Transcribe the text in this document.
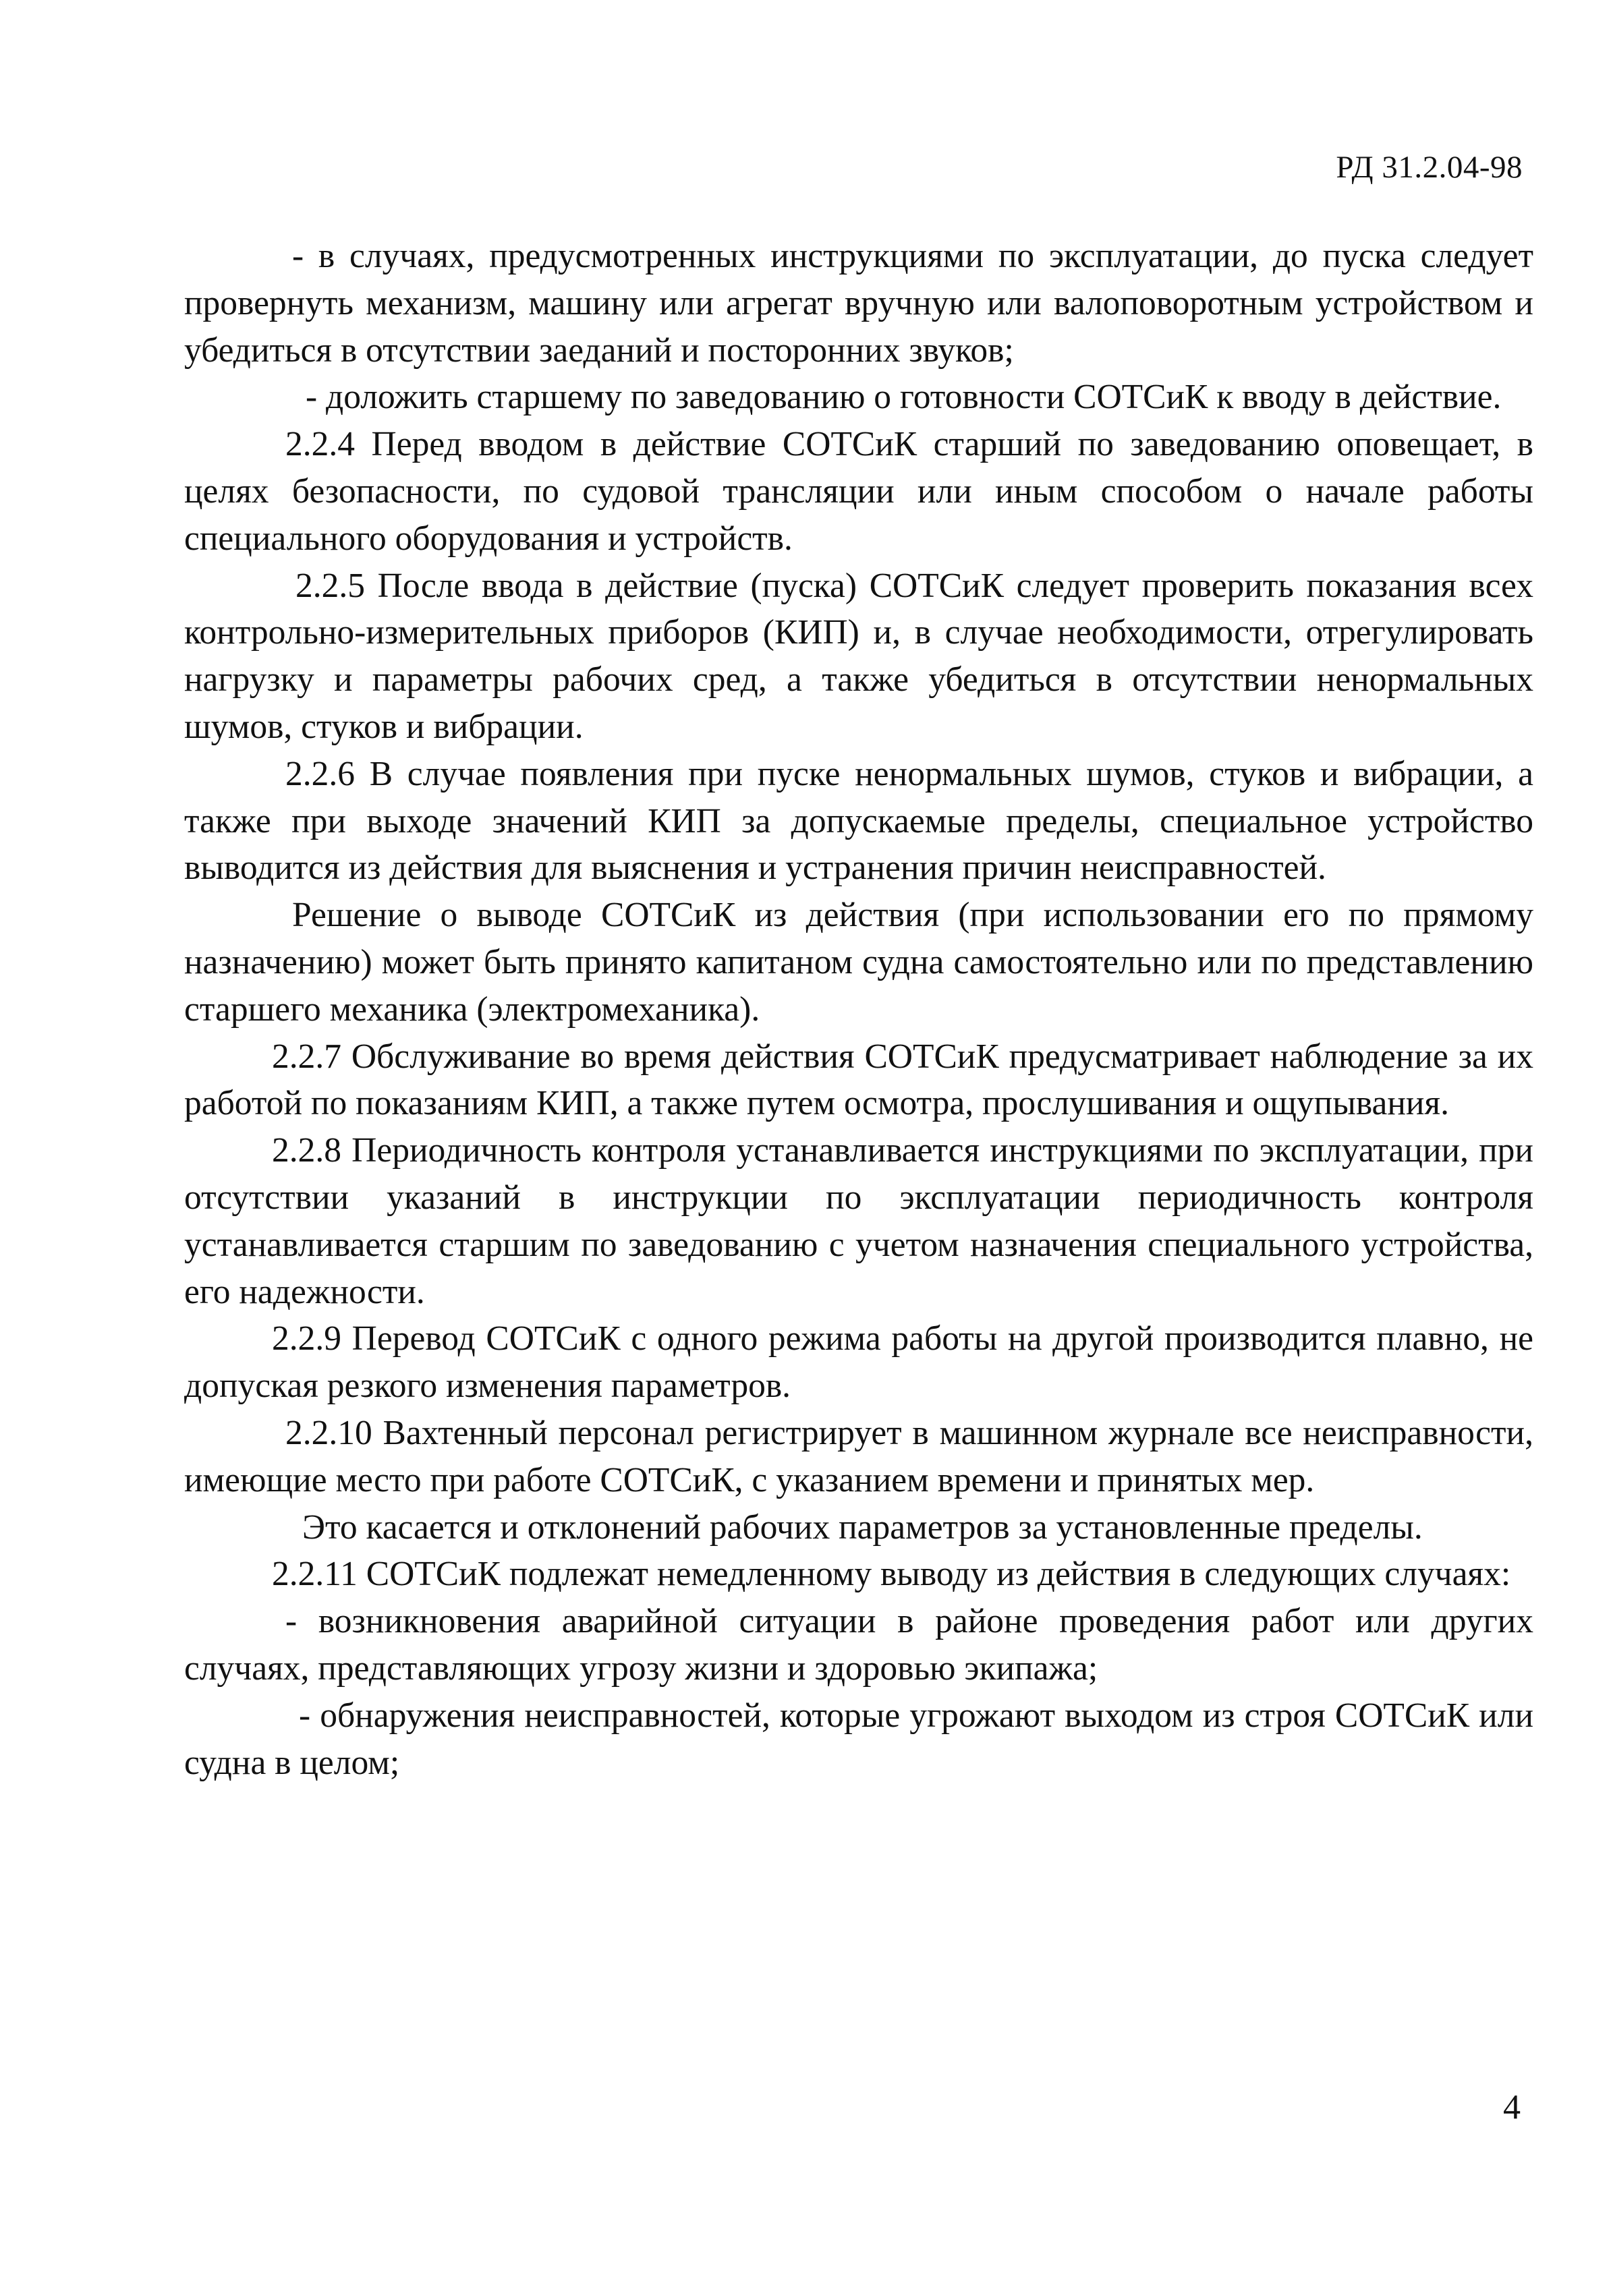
РД 31.2.04-98

- в случаях, предусмотренных инструкциями по эксплуатации, до пуска следует провернуть механизм, машину или агрегат вручную или валоповоротным устройством и убедиться в отсутствии заеданий и посторонних звуков;

- доложить старшему по заведованию о готовности СОТСиК к вводу в действие.

2.2.4 Перед вводом в действие СОТСиК старший по заведованию оповещает, в целях безопасности, по судовой трансляции или иным способом о начале работы специального оборудования и устройств.

2.2.5 После ввода в действие (пуска) СОТСиК следует проверить показания всех контрольно-измерительных приборов (КИП) и, в случае необходимости, отрегулировать нагрузку и параметры рабочих сред, а также убедиться в отсутствии ненормальных шумов, стуков и вибрации.

2.2.6 В случае появления при пуске ненормальных шумов, стуков и вибрации, а также при выходе значений КИП за допускаемые пределы, специальное устройство выводится из действия для выяснения и устранения причин неисправностей.

Решение о выводе СОТСиК из действия (при использовании его по прямому назначению) может быть принято капитаном судна самостоятельно или по представлению старшего механика (электромеханика).

2.2.7 Обслуживание во время действия СОТСиК предусматривает наблюдение за их работой по показаниям КИП, а также путем осмотра, прослушивания и ощупывания.

2.2.8 Периодичность контроля устанавливается инструкциями по эксплуатации, при отсутствии указаний в инструкции по эксплуатации периодичность контроля устанавливается старшим по заведованию с учетом назначения специального устройства, его надежности.

2.2.9 Перевод СОТСиК с одного режима работы на другой производится плавно, не допуская резкого изменения параметров.

2.2.10 Вахтенный персонал регистрирует в машинном журнале все неисправности, имеющие место при работе СОТСиК, с указанием времени и принятых мер.

Это касается и отклонений рабочих параметров за установленные пределы.

2.2.11 СОТСиК подлежат немедленному выводу из действия в следующих случаях:

- возникновения аварийной ситуации в районе проведения работ или других случаях, представляющих угрозу жизни и здоровью экипажа;

- обнаружения неисправностей, которые угрожают выходом из строя СОТСиК или судна в целом;

4
